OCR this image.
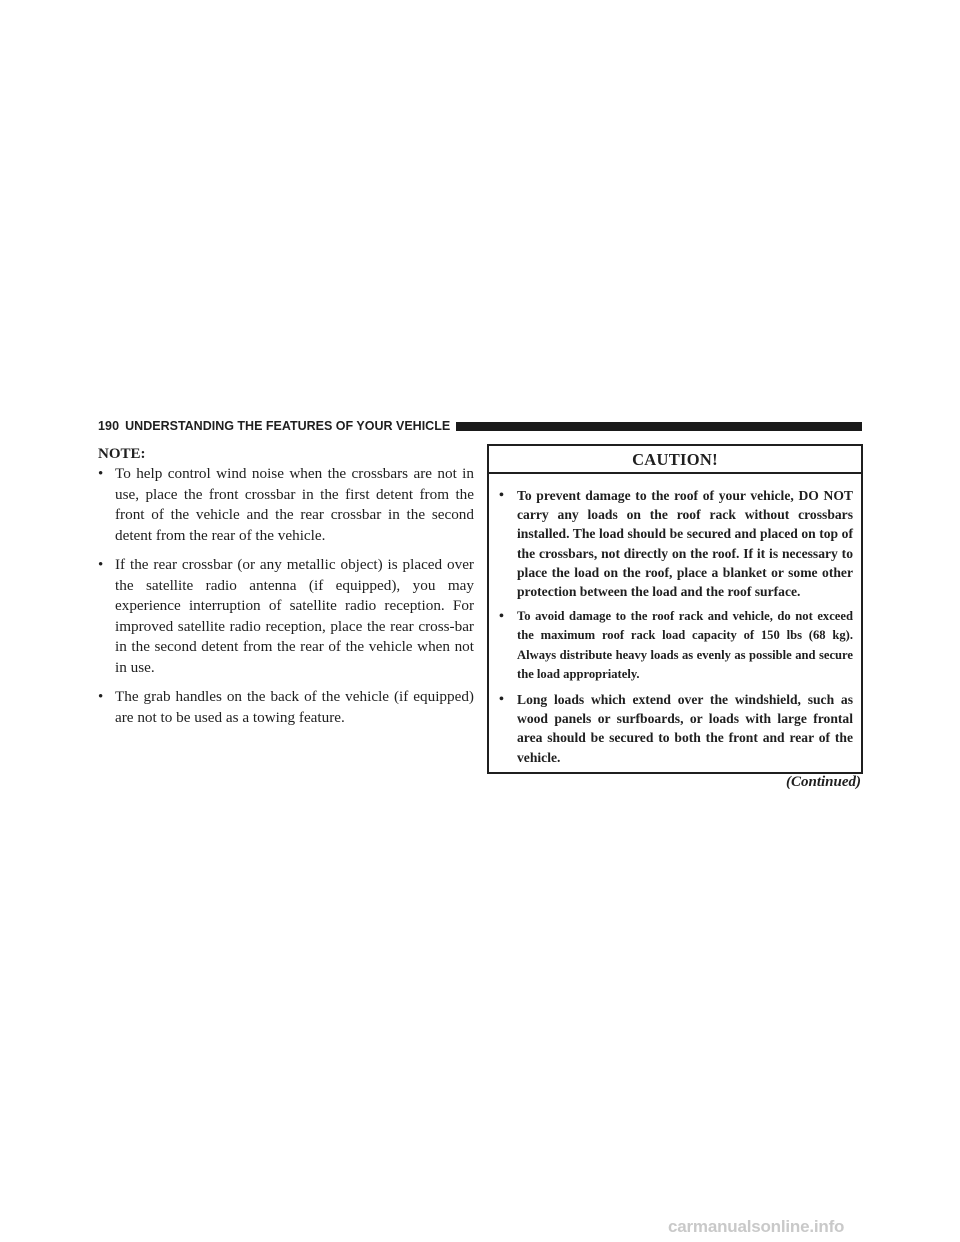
190 UNDERSTANDING THE FEATURES OF YOUR VEHICLE
NOTE:
• To help control wind noise when the crossbars are not in use, place the front crossbar in the first detent from the front of the vehicle and the rear crossbar in the second detent from the rear of the vehicle.
• If the rear crossbar (or any metallic object) is placed over the satellite radio antenna (if equipped), you may experience interruption of satellite radio reception. For improved satellite radio reception, place the rear cross-bar in the second detent from the rear of the vehicle when not in use.
• The grab handles on the back of the vehicle (if equipped) are not to be used as a towing feature.
CAUTION!
• To prevent damage to the roof of your vehicle, DO NOT carry any loads on the roof rack without crossbars installed. The load should be secured and placed on top of the crossbars, not directly on the roof. If it is necessary to place the load on the roof, place a blanket or some other protection between the load and the roof surface.
• To avoid damage to the roof rack and vehicle, do not exceed the maximum roof rack load capacity of 150 lbs (68 kg). Always distribute heavy loads as evenly as possible and secure the load appropriately.
• Long loads which extend over the windshield, such as wood panels or surfboards, or loads with large frontal area should be secured to both the front and rear of the vehicle.
(Continued)
carmanualsonline.info
